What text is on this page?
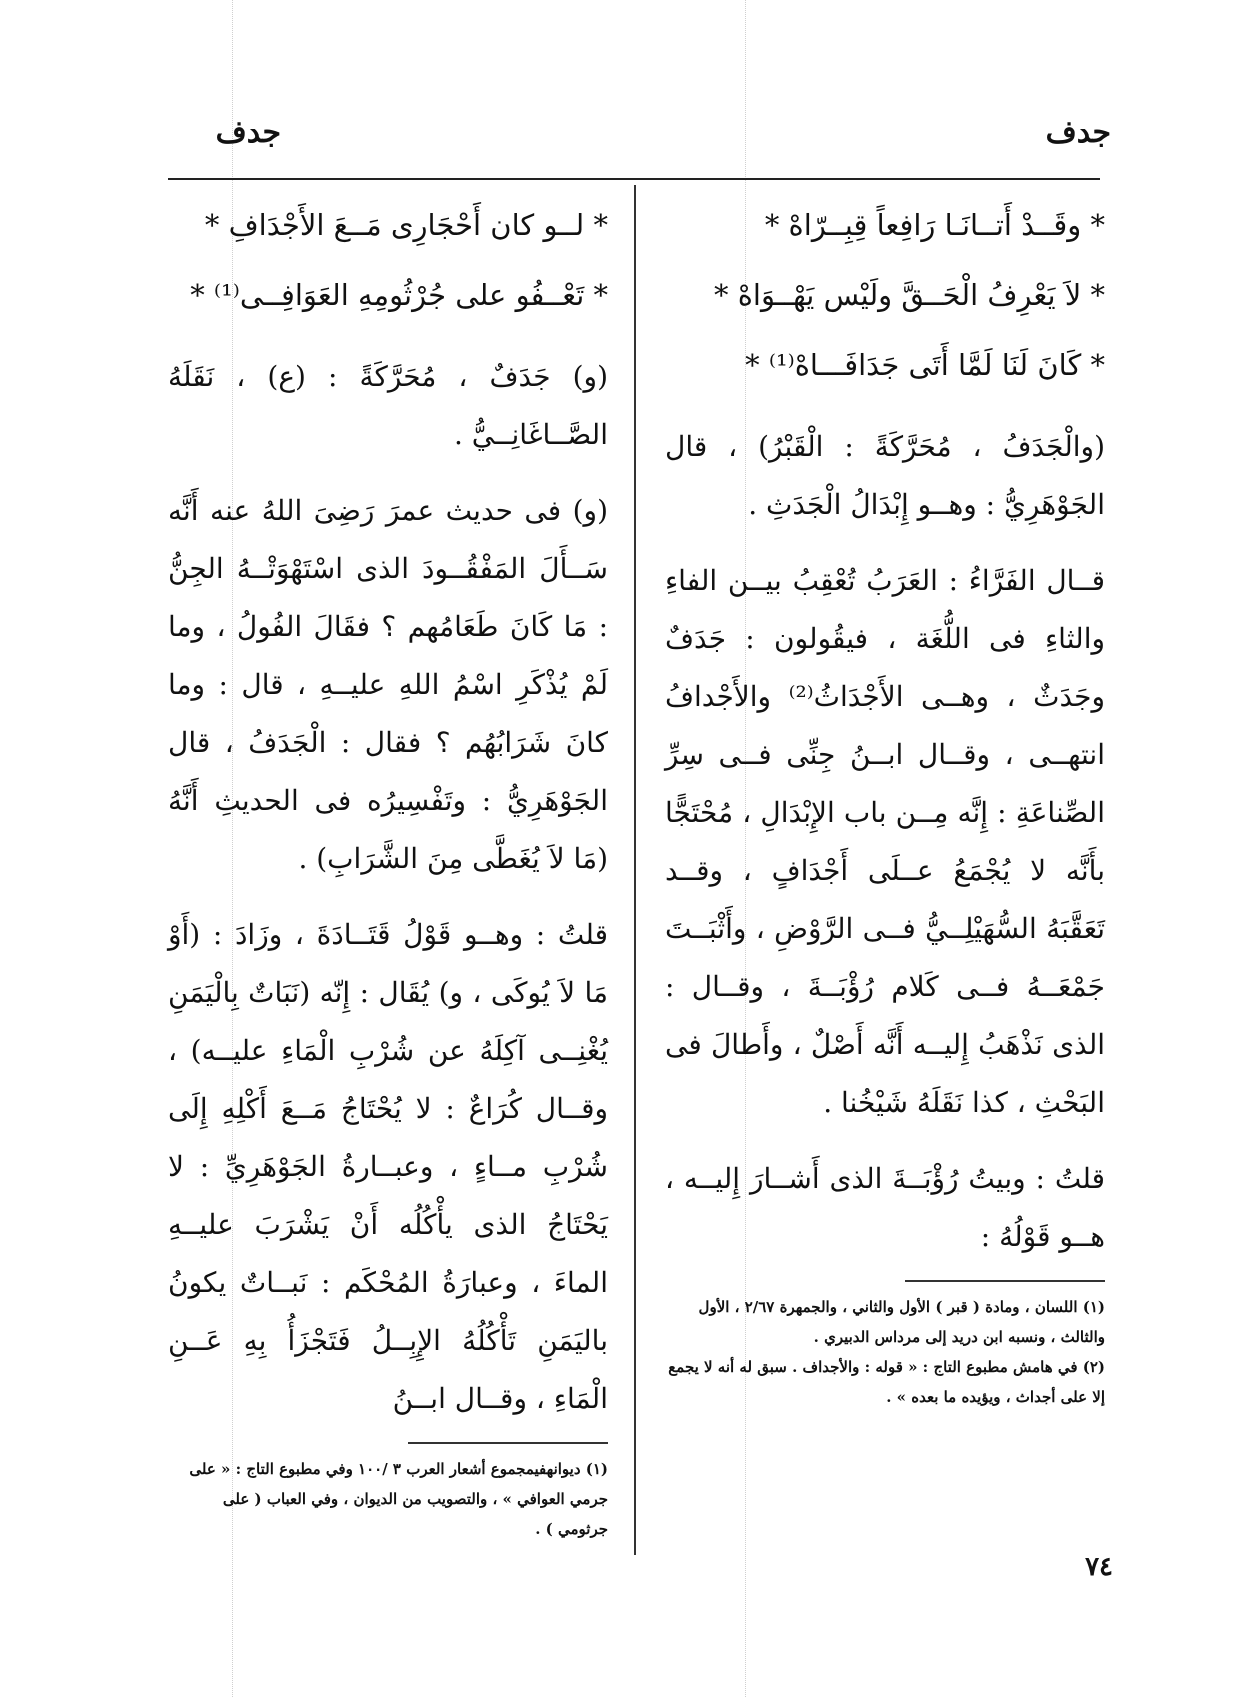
جدف
جدف
* وقَــدْ أَتــانَـا رَافِعاً قِبِــرّاهْ *
* لاَ يَعْرِفُ الْحَــقَّ ولَيْس يَهْــوَاهْ *
* كَانَ لَنَا لَمَّا أَتَى جَدَافَـــاهْ⁽¹⁾ *

(والْجَدَفُ ، مُحَرَّكَةً : الْقَبْرُ) ، قال الجَوْهَرِيُّ : وهــو إِبْدَالُ الْجَدَثِ .

قــال الفَرَّاءُ : العَرَبُ تُعْقِبُ بيــن الفاءِ والثاءِ فى اللُّغَة ، فيقُولون : جَدَفٌ وجَدَثٌ ، وهــى الأَجْدَاثُ⁽²⁾ والأَجْدافُ انتهــى ، وقــال ابــنُ جِنِّى فــى سِرِّ الصِّناعَةِ : إِنَّه مِــن باب الإِبْدَالِ ، مُحْتَجًّا بأَنَّه لا يُجْمَعُ عــلَى أَجْدَافٍ ، وقــد تَعَقَّبَهُ السُّهَيْلِــيُّ فــى الرَّوْضِ ، وأَثْبَــتَ جَمْعَــهُ فــى كَلام رُؤْبَــةَ ، وقــال : الذى نَذْهَبُ إِليــه أَنَّه أَصْلٌ ، وأَطالَ فى البَحْثِ ، كذا نَقَلَهُ شَيْخُنا .

قلتُ : وبيتُ رُؤْبَــةَ الذى أَشــارَ إِليــه ، هــو قَوْلُهُ :

(١) اللسان ، ومادة ( قبر ) الأول والثاني ، والجمهرة ٢/٦٧ ، الأول والثالث ، ونسبه ابن دريد إلى مرداس الدبيري .

(٢) في هامش مطبوع التاج : « قوله : والأجداف . سبق له أنه لا يجمع إلا على أجداث ، ويؤيده ما بعده » .

* لــو كان أَحْجَارِى مَــعَ الأَجْدَافِ *
* تَعْــفُو على جُرْثُومِهِ العَوَافِــى⁽¹⁾ *

(و) جَدَفٌ ، مُحَرَّكَةً : (ع) ، نَقَلَهُ الصَّــاغَانِــيُّ .

(و) فى حديث عمرَ رَضِىَ اللهُ عنه أَنَّه سَــأَلَ المَفْقُــودَ الذى اسْتَهْوَتْــهُ الجِنُّ : مَا كَانَ طَعَامُهم ؟ فقَالَ الفُولُ ، وما لَمْ يُذْكَرِ اسْمُ اللهِ عليــهِ ، قال : وما كانَ شَرَابُهُم ؟ فقال : الْجَدَفُ ، قال الجَوْهَرِيُّ : وتَفْسِيرُه فى الحديثِ أَنَّهُ (مَا لاَ يُغَطَّى مِنَ الشَّرَابِ) .

قلتُ : وهــو قَوْلُ قَتَــادَةَ ، وزَادَ : (أَوْ مَا لاَ يُوكَى ، و) يُقَال : إِنّه (نَبَاتٌ بِالْيَمَنِ يُغْنِــى آكِلَهُ عن شُرْبِ الْمَاءِ عليــه) ، وقــال كُرَاعٌ : لا يُحْتَاجُ مَــعَ أَكْلِهِ إِلَى شُرْبِ مــاءٍ ، وعبــارةُ الجَوْهَرِيِّ : لا يَحْتَاجُ الذى يأْكُلُه أَنْ يَشْرَبَ عليــهِ الماءَ ، وعبارَةُ المُحْكَم : نَبــاتٌ يكونُ باليَمَنِ تَأْكُلُهُ الإِبِــلُ فَتَجْزَأُ بِهِ عَــنِ الْمَاءِ ، وقــال ابــنُ

(١) ديوانهفيمجموع أشعار العرب ٣ /١٠٠ وفي مطبوع التاج : « على جرمي العوافي » ، والتصويب من الديوان ، وفي العباب ( على جرثومي ) .

٧٤
